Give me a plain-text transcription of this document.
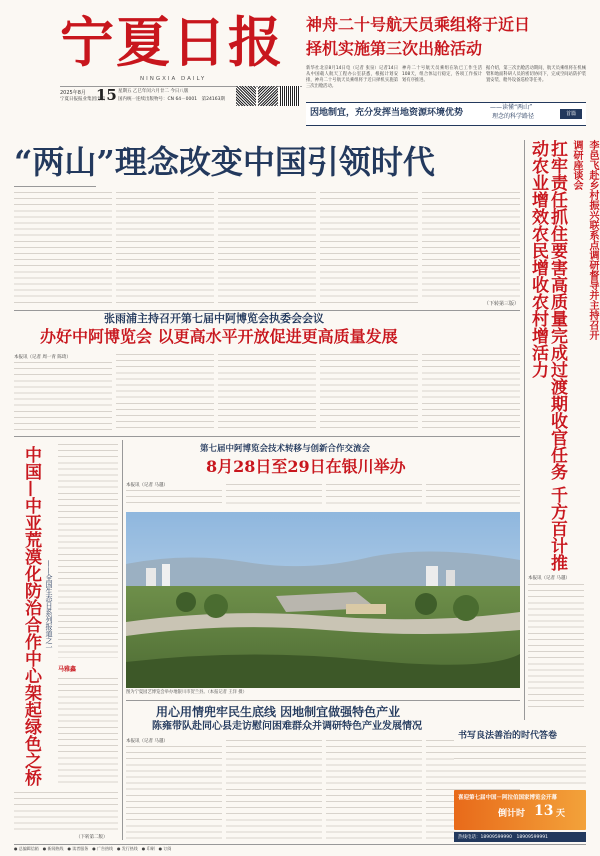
宁夏日报
NINGXIA DAILY
2025年8月 15 星期五 乙巳年闰六月廿二 今日八版
宁夏日报报业集团出版	国内统一连续出版物号：CN 64－0001　第24163期
神舟二十号航天员乘组将于近日
择机实施第三次出舱活动
新华社北京8月14日电（记者 张泉）记者14日从中国载人航天工程办公室获悉，根据计划安排，神舟二十号航天员乘组将于近日择机实施第三次出舱活动。
神舟二十号航天员乘组在轨已工作生活108天，组合体运行稳定，各项工作按计划有序推进。
据介绍，第三次出舱活动期间，航天员乘组将在机械臂和地面科研人员的密切协同下，完成空间站防护装置安装、舱外设备巡检等任务。
因地制宜，充分发挥当地资源环境优势
——读懂“两山”
理念的科学路径	首篇
“两山”理念改变中国引领时代
（下转第三版）	李邑飞赴乡村振兴联系点调研督导并主持召开调研座谈会
扛牢责任抓住要害高质量完成过渡期收官任务 千方百计推动农业增效农民增收农村增活力
本报讯（记者 马越）
张雨浦主持召开第七届中阿博览会执委会会议
办好中阿博览会 以更高水平开放促进更高质量发展
本报讯（记者 周一青 陈琦）
中国—中亚荒漠化防治合作中心架起绿色之桥 ——全国生态日系列报道之一
马雅鑫
（下转第二版）
第七届中阿博览会技术转移与创新合作交流会
8月28日至29日在银川举办
本报讯（记者 马越）
图为宁夏园艺博览会举办地银川市贺兰县。（本报记者 王洋 摄）
用心用情兜牢民生底线 因地制宜做强特色产业
陈雍带队赴同心县走访慰问困难群众并调研特色产业发展情况
本报讯（记者 马越）
书写良法善治的时代答卷
喜迎第七届中国－阿拉伯国家博览会开幕
倒计时 13 天
热线电话：18909599990　18909599991
● 总编辑信箱　● 新闻热线　● 读者服务　● 广告热线　● 发行热线　● 印刷　● 订阅
